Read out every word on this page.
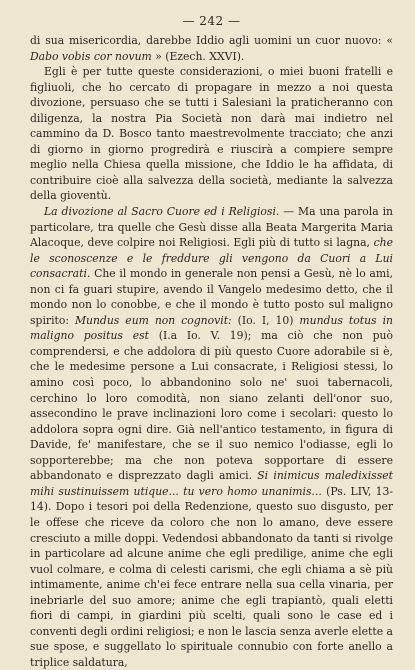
— 242 —

di sua misericordia, darebbe Iddio agli uomini un cuor nuovo: « Dabo vobis cor novum » (Ezech. XXVI).

Egli è per tutte queste considerazioni, o miei buoni fratelli e figliuoli, che ho cercato di propagare in mezzo a noi questa divozione, persuaso che se tutti i Salesiani la praticheranno con diligenza, la nostra Pia Società non darà mai indietro nel cammino da D. Bosco tanto maestrevolmente tracciato; che anzi di giorno in giorno progredirà e riuscirà a compiere sempre meglio nella Chiesa quella missione, che Iddio le ha affidata, di contribuire cioè alla salvezza della società, mediante la salvezza della gioventù.

La divozione al Sacro Cuore ed i Religiosi. — Ma una parola in particolare, tra quelle che Gesù disse alla Beata Margerita Maria Alacoque, deve colpire noi Religiosi. Egli più di tutto si lagna, che le sconoscenze e le freddure gli vengono da Cuori a Lui consacrati. Che il mondo in generale non pensi a Gesù, nè lo ami, non ci fa guari stupire, avendo il Vangelo medesimo detto, che il mondo non lo conobbe, e che il mondo è tutto posto sul maligno spirito: Mundus eum non cognovit: (Io. I, 10) mundus totus in maligno positus est (I.a Io. V. 19); ma ciò che non può comprendersi, e che addolora di più questo Cuore adorabile si è, che le medesime persone a Lui consacrate, i Religiosi stessi, lo amino così poco, lo abbandonino solo ne' suoi tabernacoli, cerchino lo loro comodità, non siano zelanti dell'onor suo, assecondino le prave inclinazioni loro come i secolari: questo lo addolora sopra ogni dire. Già nell'antico testamento, in figura di Davide, fe' manifestare, che se il suo nemico l'odiasse, egli lo sopporterebbe; ma che non poteva sopportare di essere abbandonato e disprezzato dagli amici. Si inimicus maledixisset mihi sustinuissem utique... tu vero homo unanimis... (Ps. LIV, 13-14). Dopo i tesori poi della Redenzione, questo suo disgusto, per le offese che riceve da coloro che non lo amano, deve essere cresciuto a mille doppi. Vedendosi abbandonato da tanti si rivolge in particolare ad alcune anime che egli predilige, anime che egli vuol colmare, e colma di celesti carismi, che egli chiama a sè più intimamente, anime ch'ei fece entrare nella sua cella vinaria, per inebriarle del suo amore; anime che egli trapiantò, quali eletti fiori di campi, in giardini più scelti, quali sono le case ed i conventi degli ordini religiosi; e non le lascia senza averle elette a sue spose, e suggellato lo spirituale connubio con forte anello a triplice saldatura,
